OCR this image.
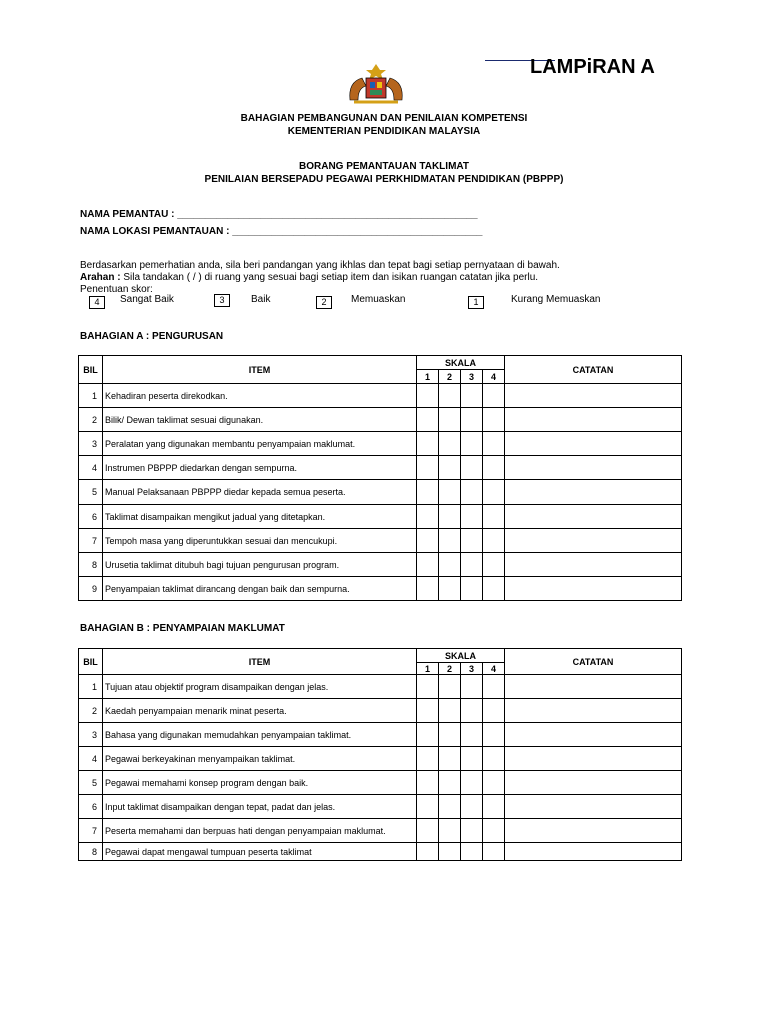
LAMPiRAN A
BAHAGIAN PEMBANGUNAN DAN PENILAIAN KOMPETENSI
KEMENTERIAN PENDIDIKAN MALAYSIA
BORANG PEMANTAUAN TAKLIMAT
PENILAIAN BERSEPADU PEGAWAI PERKHIDMATAN PENDIDIKAN (PBPPP)
NAMA PEMANTAU : ______________________________________________________
NAMA LOKASI PEMANTAUAN : _____________________________________________
Berdasarkan pemerhatian anda, sila beri pandangan yang ikhlas dan tepat bagi setiap pernyataan di bawah.
Arahan : Sila tandakan ( / ) di ruang yang sesuai bagi setiap item dan isikan ruangan catatan jika perlu.
Penentuan skor:
4	Sangat Baik	3	Baik	2	Memuaskan	1	Kurang Memuaskan
BAHAGIAN A : PENGURUSAN
BIL	ITEM	SKALA				CATATAN
		1	2	3	4	
1	Kehadiran peserta direkodkan.					
2	Bilik/ Dewan taklimat sesuai digunakan.					
3	Peralatan yang digunakan membantu penyampaian maklumat.					
4	Instrumen PBPPP diedarkan dengan sempurna.					
5	Manual Pelaksanaan PBPPP diedar kepada semua peserta.					
6	Taklimat disampaikan mengikut jadual yang ditetapkan.					
7	Tempoh masa yang diperuntukkan sesuai dan mencukupi.					
8	Urusetia taklimat ditubuh bagi tujuan pengurusan program.					
9	Penyampaian taklimat dirancang dengan baik dan sempurna.					
BAHAGIAN B : PENYAMPAIAN MAKLUMAT
BIL	ITEM	SKALA				CATATAN
		1	2	3	4	
1	Tujuan atau objektif program disampaikan dengan jelas.					
2	Kaedah penyampaian menarik minat peserta.					
3	Bahasa yang digunakan memudahkan penyampaian taklimat.					
4	Pegawai berkeyakinan menyampaikan taklimat.					
5	Pegawai memahami konsep program dengan baik.					
6	Input taklimat disampaikan dengan tepat, padat dan jelas.					
7	Peserta memahami dan berpuas hati dengan penyampaian maklumat.					
8	Pegawai dapat mengawal tumpuan peserta taklimat					
